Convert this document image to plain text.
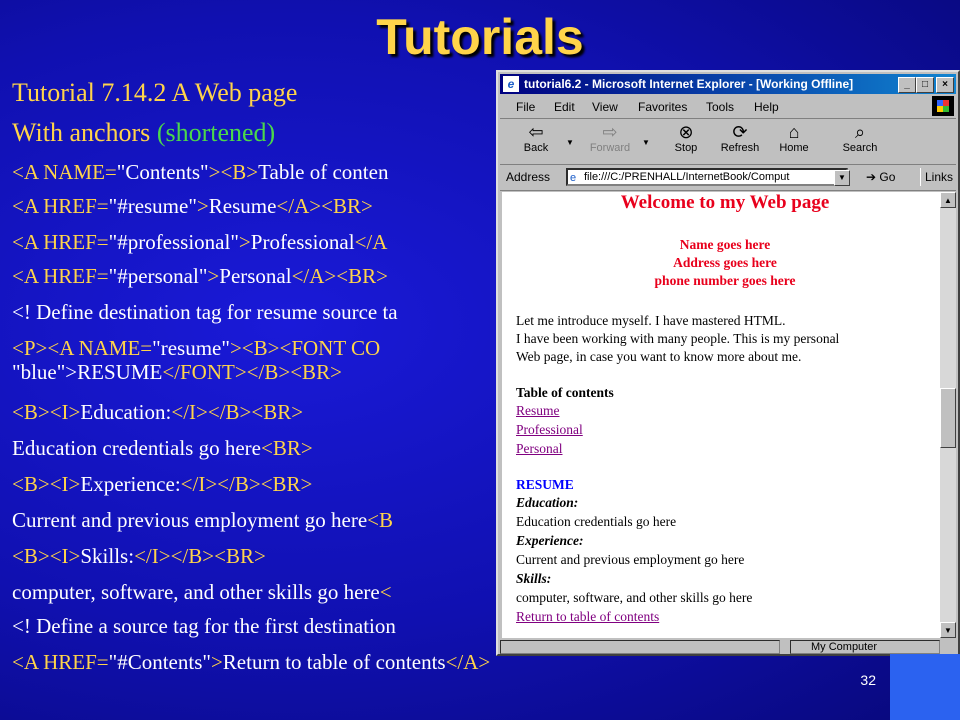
Tutorials
Tutorial 7.14.2 A Web page
With anchors (shortened)
<A NAME="Contents"><B>Table of conten
<A HREF="#resume">Resume</A><BR>
<A HREF="#professional">Professional</A
<A HREF="#personal">Personal</A><BR>
<! Define destination tag for resume source ta
<P><A NAME="resume"><B><FONT CO
"blue">RESUME</FONT></B><BR>
<B><I>Education:</I></B><BR>
Education credentials go here<BR>
<B><I>Experience:</I></B><BR>
Current and previous employment go here<B
<B><I>Skills:</I></B><BR>
computer, software, and other skills go here<
<! Define a source tag for the first destination
<A HREF="#Contents">Return to table of contents</A>
e tutorial6.2 - Microsoft Internet Explorer - [Working Offline]	_	□	×
File Edit View Favorites Tools Help
⇦
Back	▼
⇨
Forward	▼
⊗
Stop
⟳
Refresh
⌂
Home
⌕
Search
Address e file:///C:/PRENHALL/InternetBook/Comput	▼	➔ Go	Links
Welcome to my Web page
Name goes here
Address goes here
phone number goes here
Let me introduce myself. I have mastered HTML.
I have been working with many people. This is my personal
Web page, in case you want to know more about me.
Table of contents
Resume
Professional
Personal
RESUME
Education:
Education credentials go here
Experience:
Current and previous employment go here
Skills:
computer, software, and other skills go here
Return to table of contents
▲
▼
My Computer
32
